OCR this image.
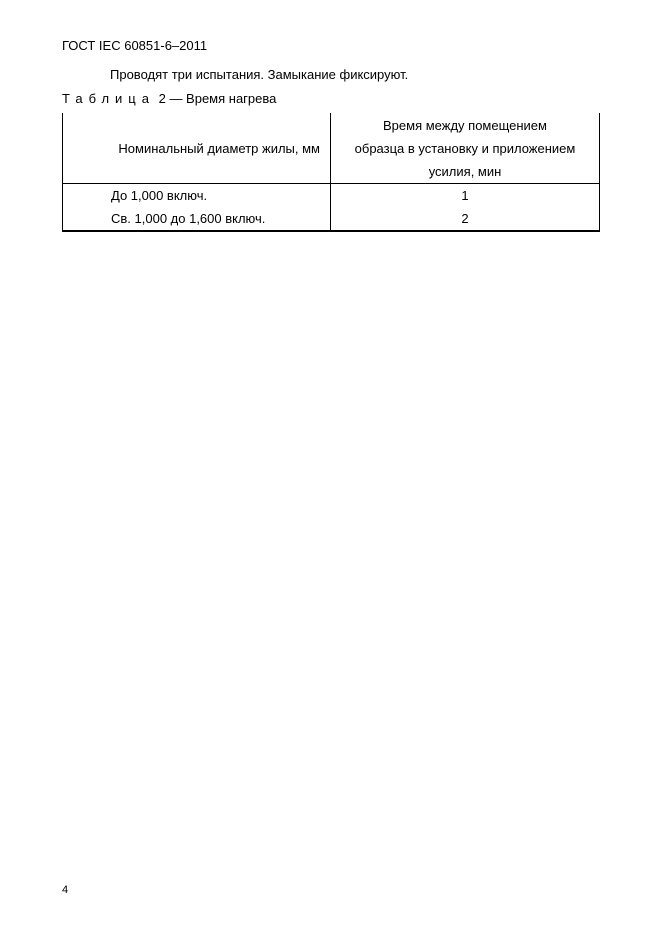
ГОСТ IEC 60851-6–2011
Проводят три испытания. Замыкание фиксируют.
Таблица 2 — Время нагрева
Номинальный диаметр жилы, мм	Время между помещением
образца в установку и приложением
усилия, мин

До 1,000 включ.	1
Св. 1,000 до 1,600 включ.	2
4
